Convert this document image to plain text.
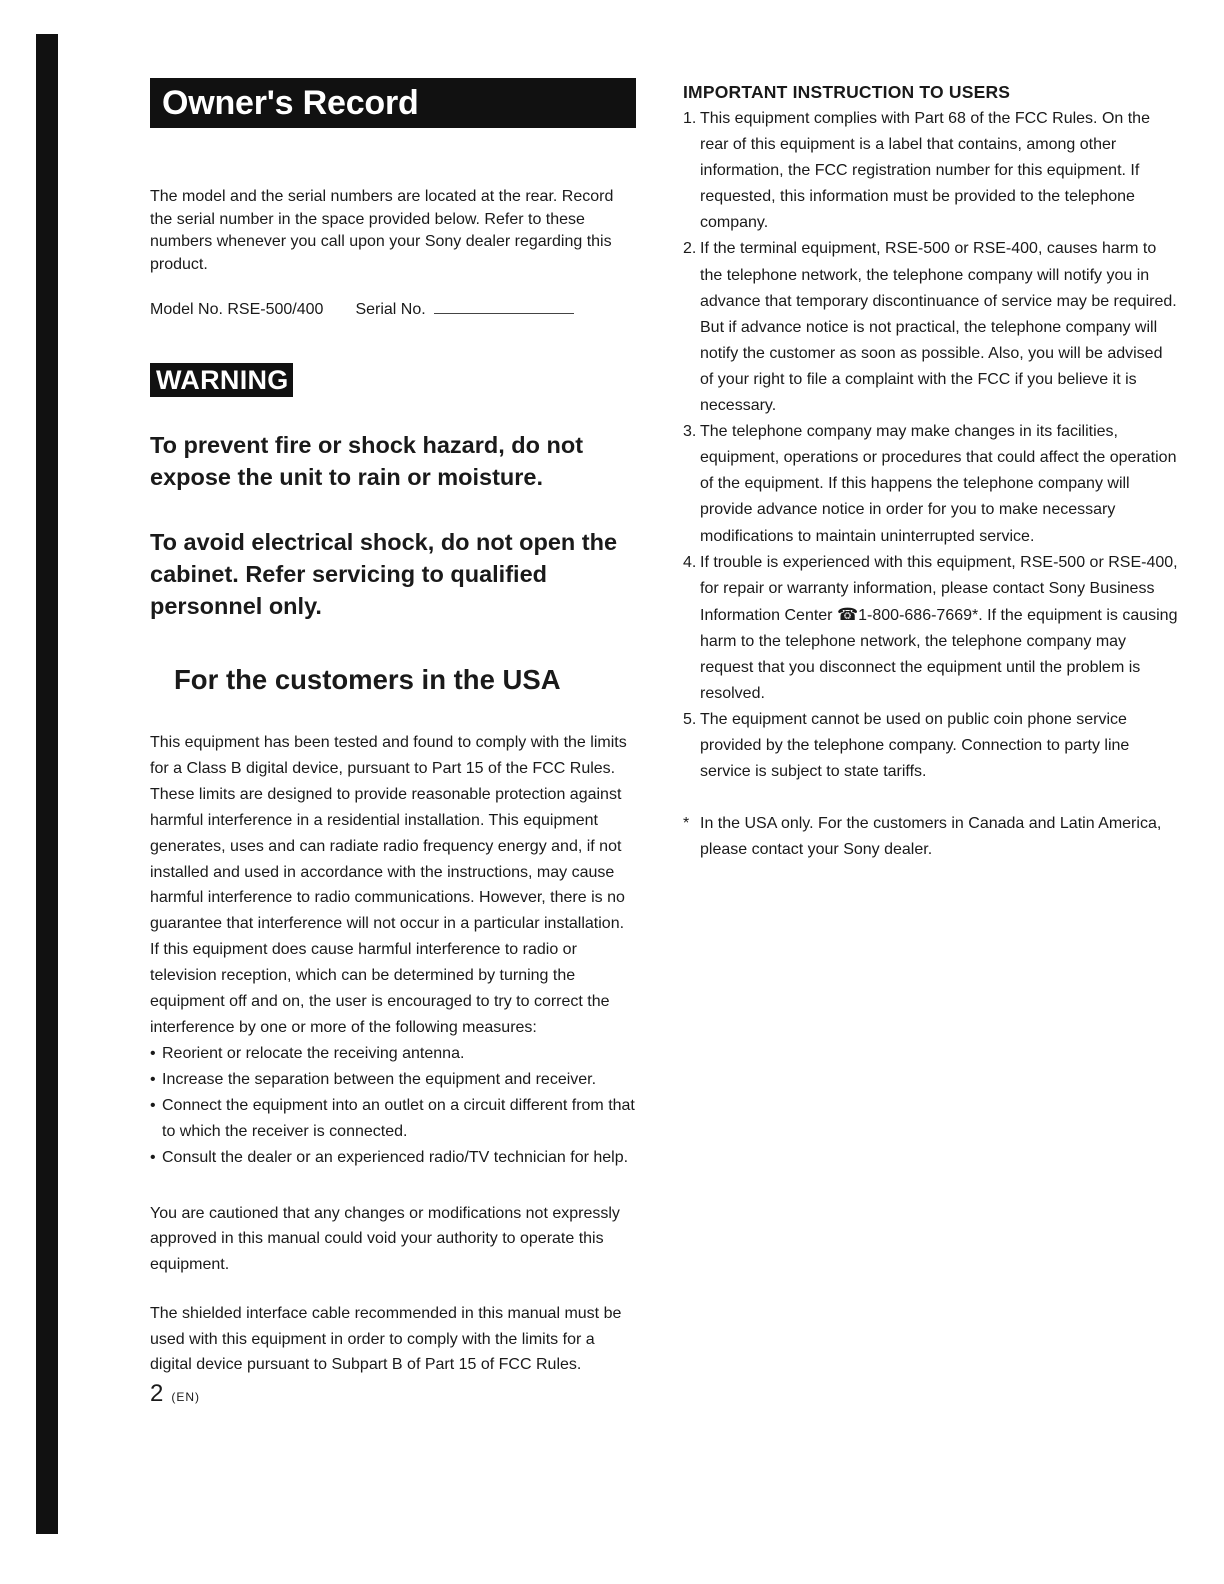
Owner's Record

The model and the serial numbers are located at the rear. Record the serial number in the space provided below. Refer to these numbers whenever you call upon your Sony dealer regarding this product.

Model No. RSE-500/400 Serial No.
WARNING

To prevent fire or shock hazard, do not expose the unit to rain or moisture.

To avoid electrical shock, do not open the cabinet. Refer servicing to qualified personnel only.

For the customers in the USA

This equipment has been tested and found to comply with the limits for a Class B digital device, pursuant to Part 15 of the FCC Rules. These limits are designed to provide reasonable protection against harmful interference in a residential installation. This equipment generates, uses and can radiate radio frequency energy and, if not installed and used in accordance with the instructions, may cause harmful interference to radio communications. However, there is no guarantee that interference will not occur in a particular installation. If this equipment does cause harmful interference to radio or television reception, which can be determined by turning the equipment off and on, the user is encouraged to try to correct the interference by one or more of the following measures:

• Reorient or relocate the receiving antenna.
• Increase the separation between the equipment and receiver.
• Connect the equipment into an outlet on a circuit different from that to which the receiver is connected.
• Consult the dealer or an experienced radio/TV technician for help.

You are cautioned that any changes or modifications not expressly approved in this manual could void your authority to operate this equipment.

The shielded interface cable recommended in this manual must be used with this equipment in order to comply with the limits for a digital device pursuant to Subpart B of Part 15 of FCC Rules.

2 (EN)
IMPORTANT INSTRUCTION TO USERS
1. This equipment complies with Part 68 of the FCC Rules. On the rear of this equipment is a label that contains, among other information, the FCC registration number for this equipment. If requested, this information must be provided to the telephone company.
2. If the terminal equipment, RSE-500 or RSE-400, causes harm to the telephone network, the telephone company will notify you in advance that temporary discontinuance of service may be required. But if advance notice is not practical, the telephone company will notify the customer as soon as possible. Also, you will be advised of your right to file a complaint with the FCC if you believe it is necessary.
3. The telephone company may make changes in its facilities, equipment, operations or procedures that could affect the operation of the equipment. If this happens the telephone company will provide advance notice in order for you to make necessary modifications to maintain uninterrupted service.
4. If trouble is experienced with this equipment, RSE-500 or RSE-400, for repair or warranty information, please contact Sony Business Information Center ☎1-800-686-7669*. If the equipment is causing harm to the telephone network, the telephone company may request that you disconnect the equipment until the problem is resolved.
5. The equipment cannot be used on public coin phone service provided by the telephone company. Connection to party line service is subject to state tariffs.
* In the USA only. For the customers in Canada and Latin America, please contact your Sony dealer.
